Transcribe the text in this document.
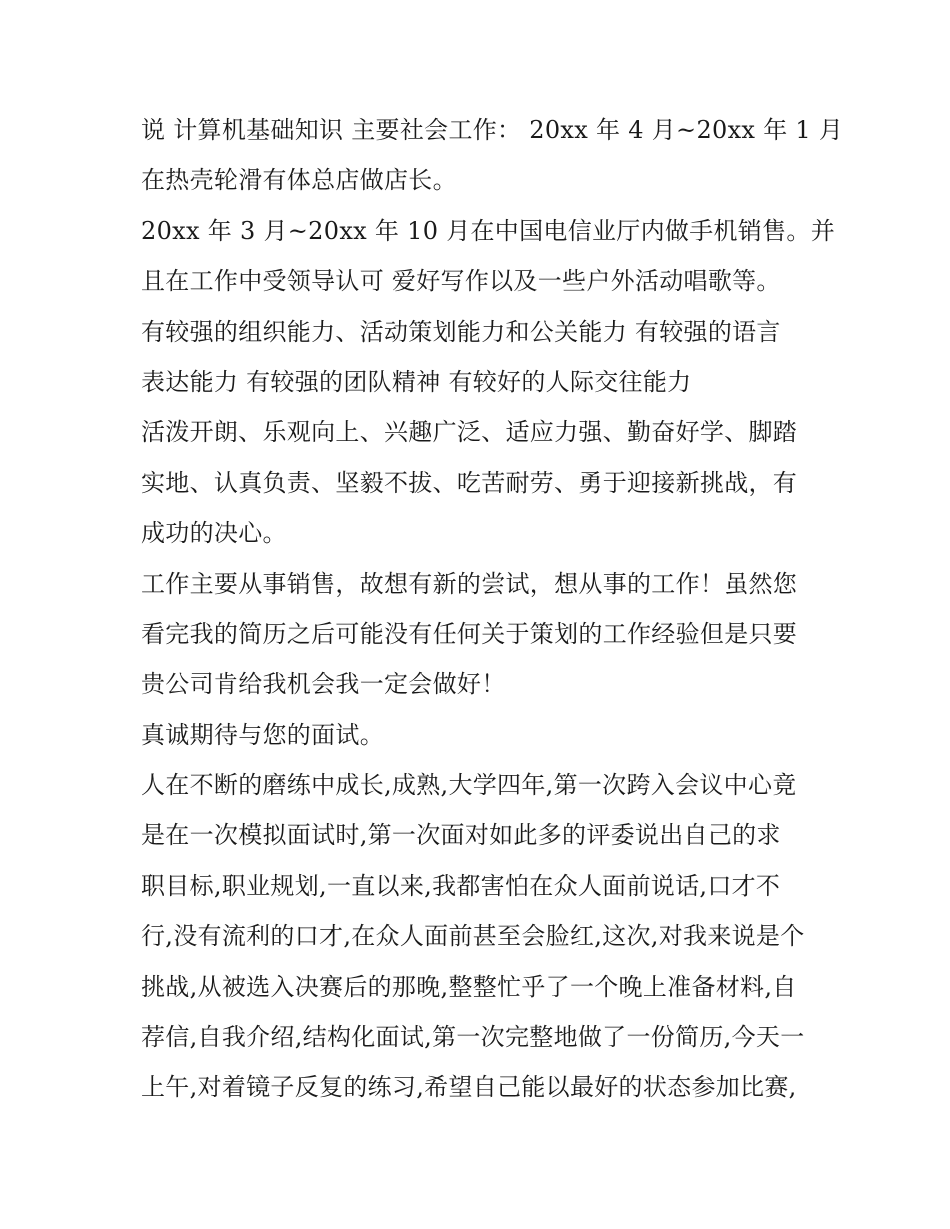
说 计算机基础知识 主要社会工作： 20xx 年 4 月~20xx 年 1 月
在热壳轮滑有体总店做店长。
20xx 年 3 月~20xx 年 10 月在中国电信业厅内做手机销售。并
且在工作中受领导认可 爱好写作以及一些户外活动唱歌等。
有较强的组织能力、活动策划能力和公关能力 有较强的语言
表达能力 有较强的团队精神 有较好的人际交往能力
活泼开朗、乐观向上、兴趣广泛、适应力强、勤奋好学、脚踏
实地、认真负责、坚毅不拔、吃苦耐劳、勇于迎接新挑战，有
成功的决心。
工作主要从事销售，故想有新的尝试，想从事的工作！虽然您
看完我的简历之后可能没有任何关于策划的工作经验但是只要
贵公司肯给我机会我一定会做好！
真诚期待与您的面试。
人在不断的磨练中成长,成熟,大学四年,第一次跨入会议中心竟
是在一次模拟面试时,第一次面对如此多的评委说出自己的求
职目标,职业规划,一直以来,我都害怕在众人面前说话,口才不
行,没有流利的口才,在众人面前甚至会脸红,这次,对我来说是个
挑战,从被选入决赛后的那晚,整整忙乎了一个晚上准备材料,自
荐信,自我介绍,结构化面试,第一次完整地做了一份简历,今天一
上午,对着镜子反复的练习,希望自己能以最好的状态参加比赛,
